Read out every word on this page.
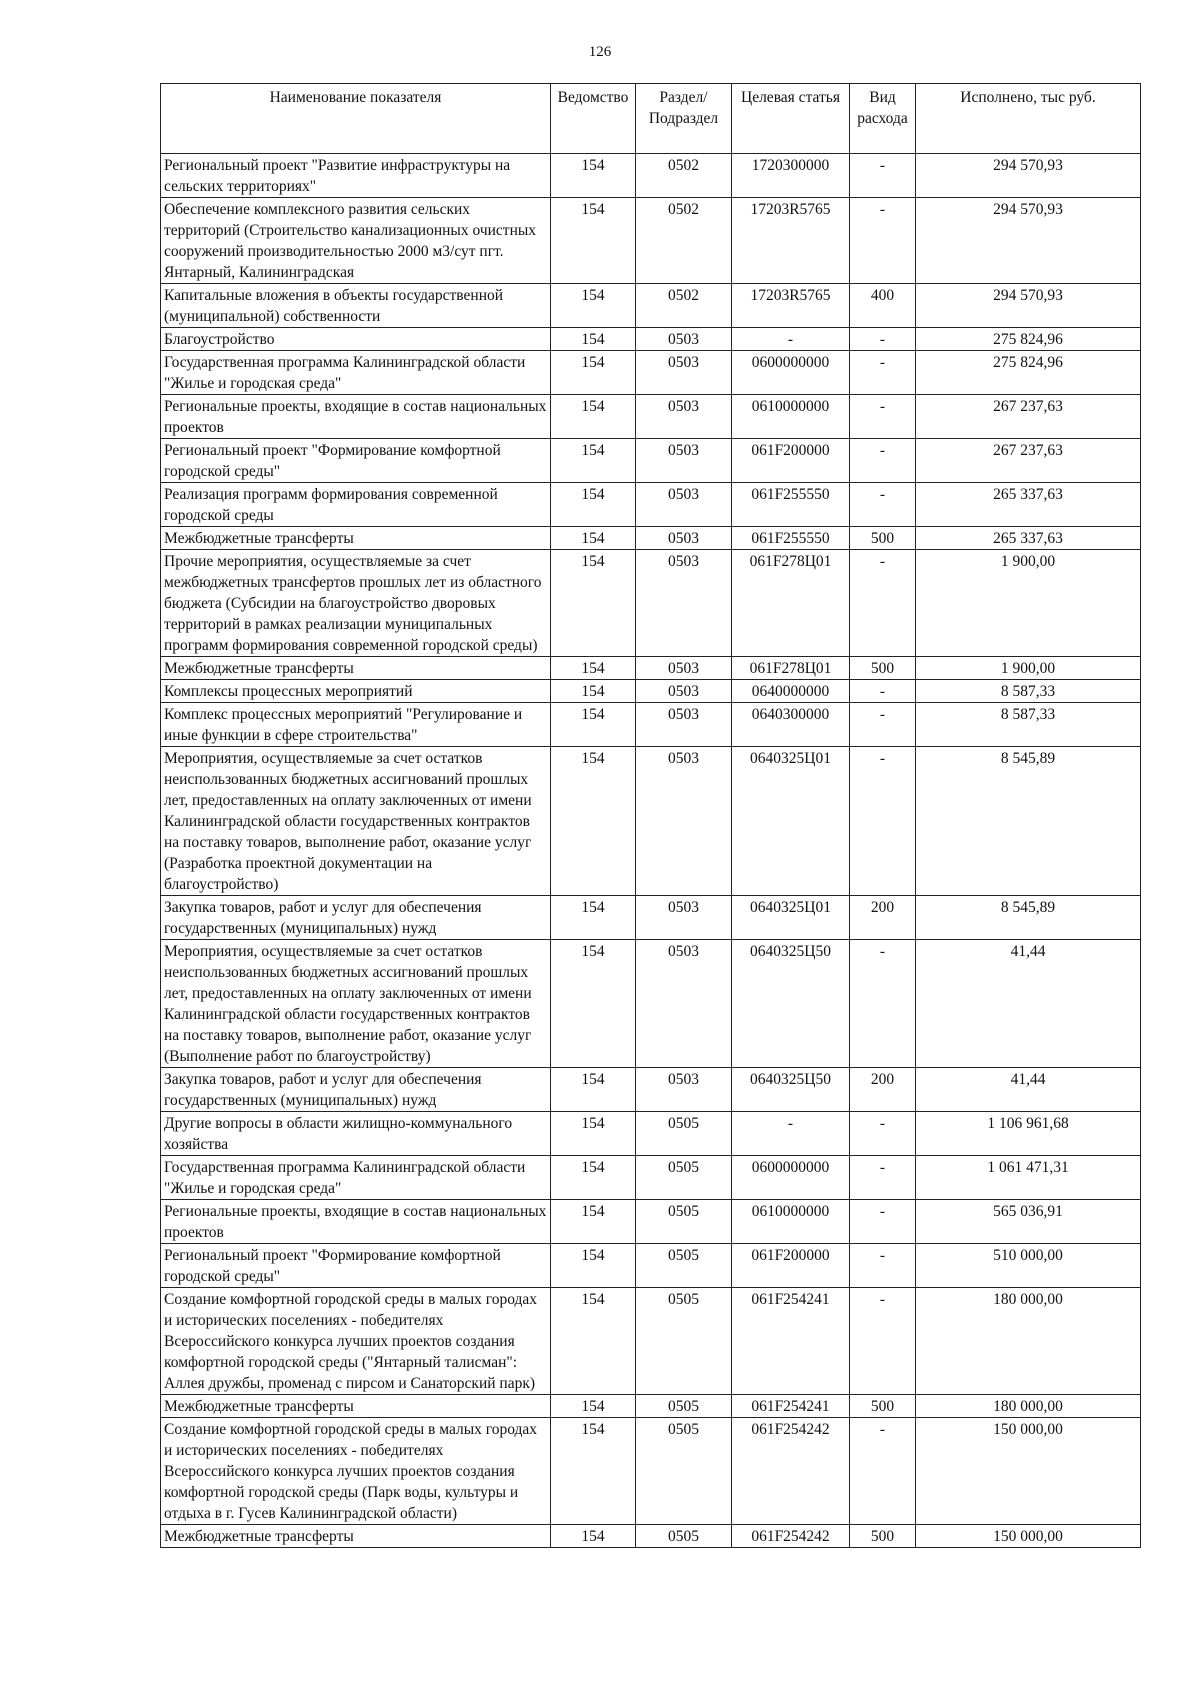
126
Наименование показателя	Ведомство	Раздел/ Подраздел	Целевая статья	Вид расхода	Исполнено, тыс руб.
Региональный проект "Развитие инфраструктуры на сельских территориях"	154	0502	1720300000	-	294 570,93
Обеспечение комплексного развития сельских территорий (Строительство канализационных очистных сооружений производительностью 2000 м3/сут пгт. Янтарный, Калининградская	154	0502	17203R5765	-	294 570,93
Капитальные вложения в объекты государственной (муниципальной) собственности	154	0502	17203R5765	400	294 570,93
Благоустройство	154	0503	-	-	275 824,96
Государственная программа Калининградской области "Жилье и городская среда"	154	0503	0600000000	-	275 824,96
Региональные проекты, входящие в состав национальных проектов	154	0503	0610000000	-	267 237,63
Региональный проект "Формирование комфортной городской среды"	154	0503	061F200000	-	267 237,63
Реализация программ формирования современной городской среды	154	0503	061F255550	-	265 337,63
Межбюджетные трансферты	154	0503	061F255550	500	265 337,63
Прочие мероприятия, осуществляемые за счет межбюджетных трансфертов прошлых лет из областного бюджета (Субсидии на благоустройство дворовых территорий в рамках реализации муниципальных программ формирования современной городской среды)	154	0503	061F278Ц01	-	1 900,00
Межбюджетные трансферты	154	0503	061F278Ц01	500	1 900,00
Комплексы процессных мероприятий	154	0503	0640000000	-	8 587,33
Комплекс процессных мероприятий "Регулирование и иные функции в сфере строительства"	154	0503	0640300000	-	8 587,33
Мероприятия, осуществляемые за счет остатков неиспользованных бюджетных ассигнований прошлых лет, предоставленных на оплату заключенных от имени Калининградской области государственных контрактов на поставку товаров, выполнение работ, оказание услуг (Разработка проектной документации на благоустройство)	154	0503	0640325Ц01	-	8 545,89
Закупка товаров, работ и услуг для обеспечения государственных (муниципальных) нужд	154	0503	0640325Ц01	200	8 545,89
Мероприятия, осуществляемые за счет остатков неиспользованных бюджетных ассигнований прошлых лет, предоставленных на оплату заключенных от имени Калининградской области государственных контрактов на поставку товаров, выполнение работ, оказание услуг (Выполнение работ по благоустройству)	154	0503	0640325Ц50	-	41,44
Закупка товаров, работ и услуг для обеспечения государственных (муниципальных) нужд	154	0503	0640325Ц50	200	41,44
Другие вопросы в области жилищно-коммунального хозяйства	154	0505	-	-	1 106 961,68
Государственная программа Калининградской области "Жилье и городская среда"	154	0505	0600000000	-	1 061 471,31
Региональные проекты, входящие в состав национальных проектов	154	0505	0610000000	-	565 036,91
Региональный проект "Формирование комфортной городской среды"	154	0505	061F200000	-	510 000,00
Создание комфортной городской среды в малых городах и исторических поселениях - победителях Всероссийского конкурса лучших проектов создания комфортной городской среды ("Янтарный талисман": Аллея дружбы, променад с пирсом и Санаторский парк)	154	0505	061F254241	-	180 000,00
Межбюджетные трансферты	154	0505	061F254241	500	180 000,00
Создание комфортной городской среды в малых городах и исторических поселениях - победителях Всероссийского конкурса лучших проектов создания комфортной городской среды (Парк воды, культуры и отдыха в г. Гусев Калининградской области)	154	0505	061F254242	-	150 000,00
Межбюджетные трансферты	154	0505	061F254242	500	150 000,00
